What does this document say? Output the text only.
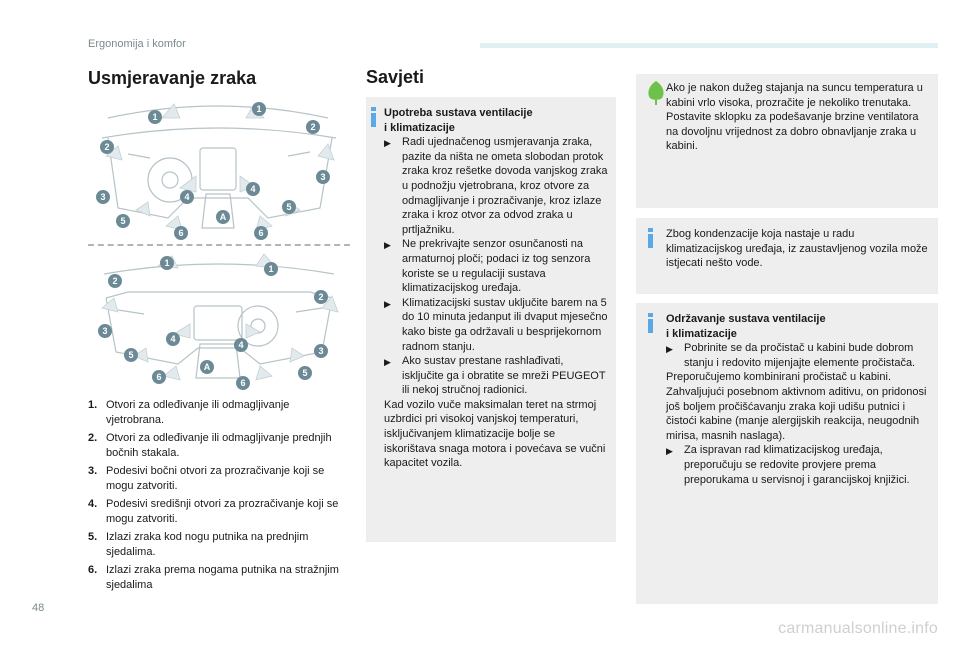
Ergonomija i komfor
Usmjeravanje zraka
1
1
2
2
3
3
4
4
5
5
6	6
A
1
1
2
2
3
3
4
4
5
5
6
6
A
1. Otvori za odleđivanje ili odmagljivanje vjetrobrana.
2. Otvori za odleđivanje ili odmagljivanje prednjih bočnih stakala.
3. Podesivi bočni otvori za prozračivanje koji se mogu zatvoriti.
4. Podesivi središnji otvori za prozračivanje koji se mogu zatvoriti.
5. Izlazi zraka kod nogu putnika na prednjim sjedalima.
6. Izlazi zraka prema nogama putnika na stražnjim sjedalima
Savjeti
Upotreba sustava ventilacije
i klimatizacije
▶	Radi ujednačenog usmjeravanja zraka, pazite da ništa ne ometa slobodan protok zraka kroz rešetke dovoda vanjskog zraka u podnožju vjetrobrana, kroz otvore za odmagljivanje i prozračivanje, kroz izlaze zraka i kroz otvor za odvod zraka u prtljažniku.
▶	Ne prekrivajte senzor osunčanosti na armaturnoj ploči; podaci iz tog senzora koriste se u regulaciji sustava klimatizacijskog uređaja.
▶	Klimatizacijski sustav uključite barem na 5 do 10 minuta jedanput ili dvaput mjesečno kako biste ga održavali u besprijekornom radnom stanju.
▶	Ako sustav prestane rashlađivati, isključite ga i obratite se mreži PEUGEOT ili nekoj stručnoj radionici.
Kad vozilo vuče maksimalan teret na strmoj uzbrdici pri visokoj vanjskoj temperaturi, isključivanjem klimatizacije bolje se iskorištava snaga motora i povećava se vučni kapacitet vozila.
Ako je nakon dužeg stajanja na suncu temperatura u kabini vrlo visoka, prozračite je nekoliko trenutaka. Postavite sklopku za podešavanje brzine ventilatora na dovoljnu vrijednost za dobro obnavljanje zraka u kabini.
Zbog kondenzacije koja nastaje u radu klimatizacijskog uređaja, iz zaustavljenog vozila može istjecati nešto vode.
Održavanje sustava ventilacije
i klimatizacije
▶	Pobrinite se da pročistač u kabini bude dobrom stanju i redovito mijenjajte elemente pročistača.
Preporučujemo kombinirani pročistač u kabini. Zahvaljujući posebnom aktivnom aditivu, on pridonosi još boljem pročišćavanju zraka koji udišu putnici i čistoći kabine (manje alergijskih reakcija, neugodnih mirisa, masnih naslaga).
▶	Za ispravan rad klimatizacijskog uređaja, preporučuju se redovite provjere prema preporukama u servisnoj i garancijskoj knjižici.
48
carmanualsonline.info
